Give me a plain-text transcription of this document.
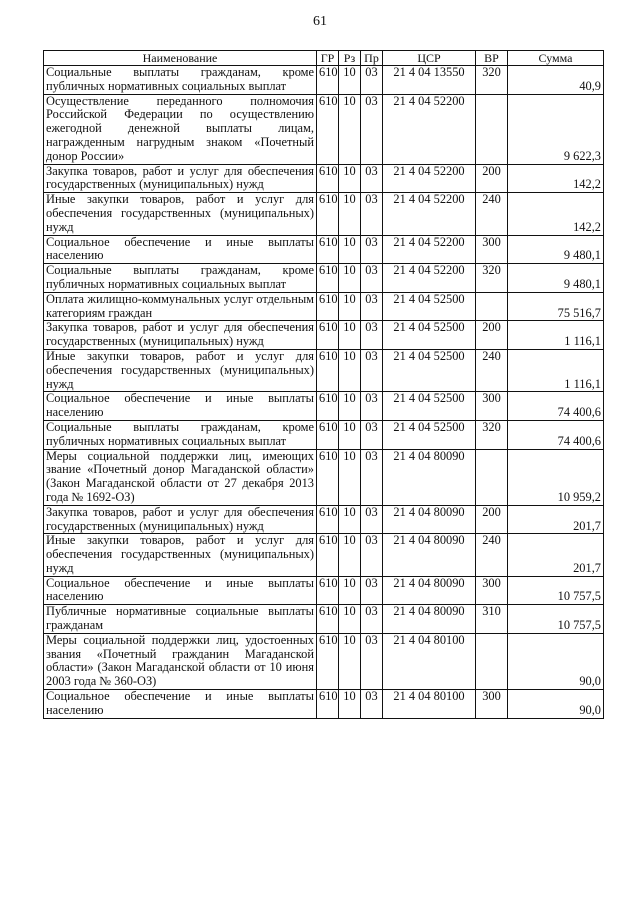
61
Наименование	ГР	Рз	Пр	ЦСР	ВР	Сумма
Социальные выплаты гражданам, кроме публичных нормативных социальных выплат	610	10	03	21 4 04 13550	320	40,9
Осуществление переданного полномочия Российской Федерации по осуществлению ежегодной денежной выплаты лицам, награжденным нагрудным знаком «Почетный донор России»	610	10	03	21 4 04 52200		9 622,3
Закупка товаров, работ и услуг для обеспечения государственных (муниципальных) нужд	610	10	03	21 4 04 52200	200	142,2
Иные закупки товаров, работ и услуг для обеспечения государственных (муниципальных) нужд	610	10	03	21 4 04 52200	240	142,2
Социальное обеспечение и иные выплаты населению	610	10	03	21 4 04 52200	300	9 480,1
Социальные выплаты гражданам, кроме публичных нормативных социальных выплат	610	10	03	21 4 04 52200	320	9 480,1
Оплата жилищно-коммунальных услуг отдельным категориям граждан	610	10	03	21 4 04 52500		75 516,7
Закупка товаров, работ и услуг для обеспечения государственных (муниципальных) нужд	610	10	03	21 4 04 52500	200	1 116,1
Иные закупки товаров, работ и услуг для обеспечения государственных (муниципальных) нужд	610	10	03	21 4 04 52500	240	1 116,1
Социальное обеспечение и иные выплаты населению	610	10	03	21 4 04 52500	300	74 400,6
Социальные выплаты гражданам, кроме публичных нормативных социальных выплат	610	10	03	21 4 04 52500	320	74 400,6
Меры социальной поддержки лиц, имеющих звание «Почетный донор Магаданской области» (Закон Магаданской области от 27 декабря 2013 года № 1692-ОЗ)	610	10	03	21 4 04 80090		10 959,2
Закупка товаров, работ и услуг для обеспечения государственных (муниципальных) нужд	610	10	03	21 4 04 80090	200	201,7
Иные закупки товаров, работ и услуг для обеспечения государственных (муниципальных) нужд	610	10	03	21 4 04 80090	240	201,7
Социальное обеспечение и иные выплаты населению	610	10	03	21 4 04 80090	300	10 757,5
Публичные нормативные социальные выплаты гражданам	610	10	03	21 4 04 80090	310	10 757,5
Меры социальной поддержки лиц, удостоенных звания «Почетный гражданин Магаданской области» (Закон Магаданской области от 10 июня 2003 года № 360-ОЗ)	610	10	03	21 4 04 80100		90,0
Социальное обеспечение и иные выплаты населению	610	10	03	21 4 04 80100	300	90,0
